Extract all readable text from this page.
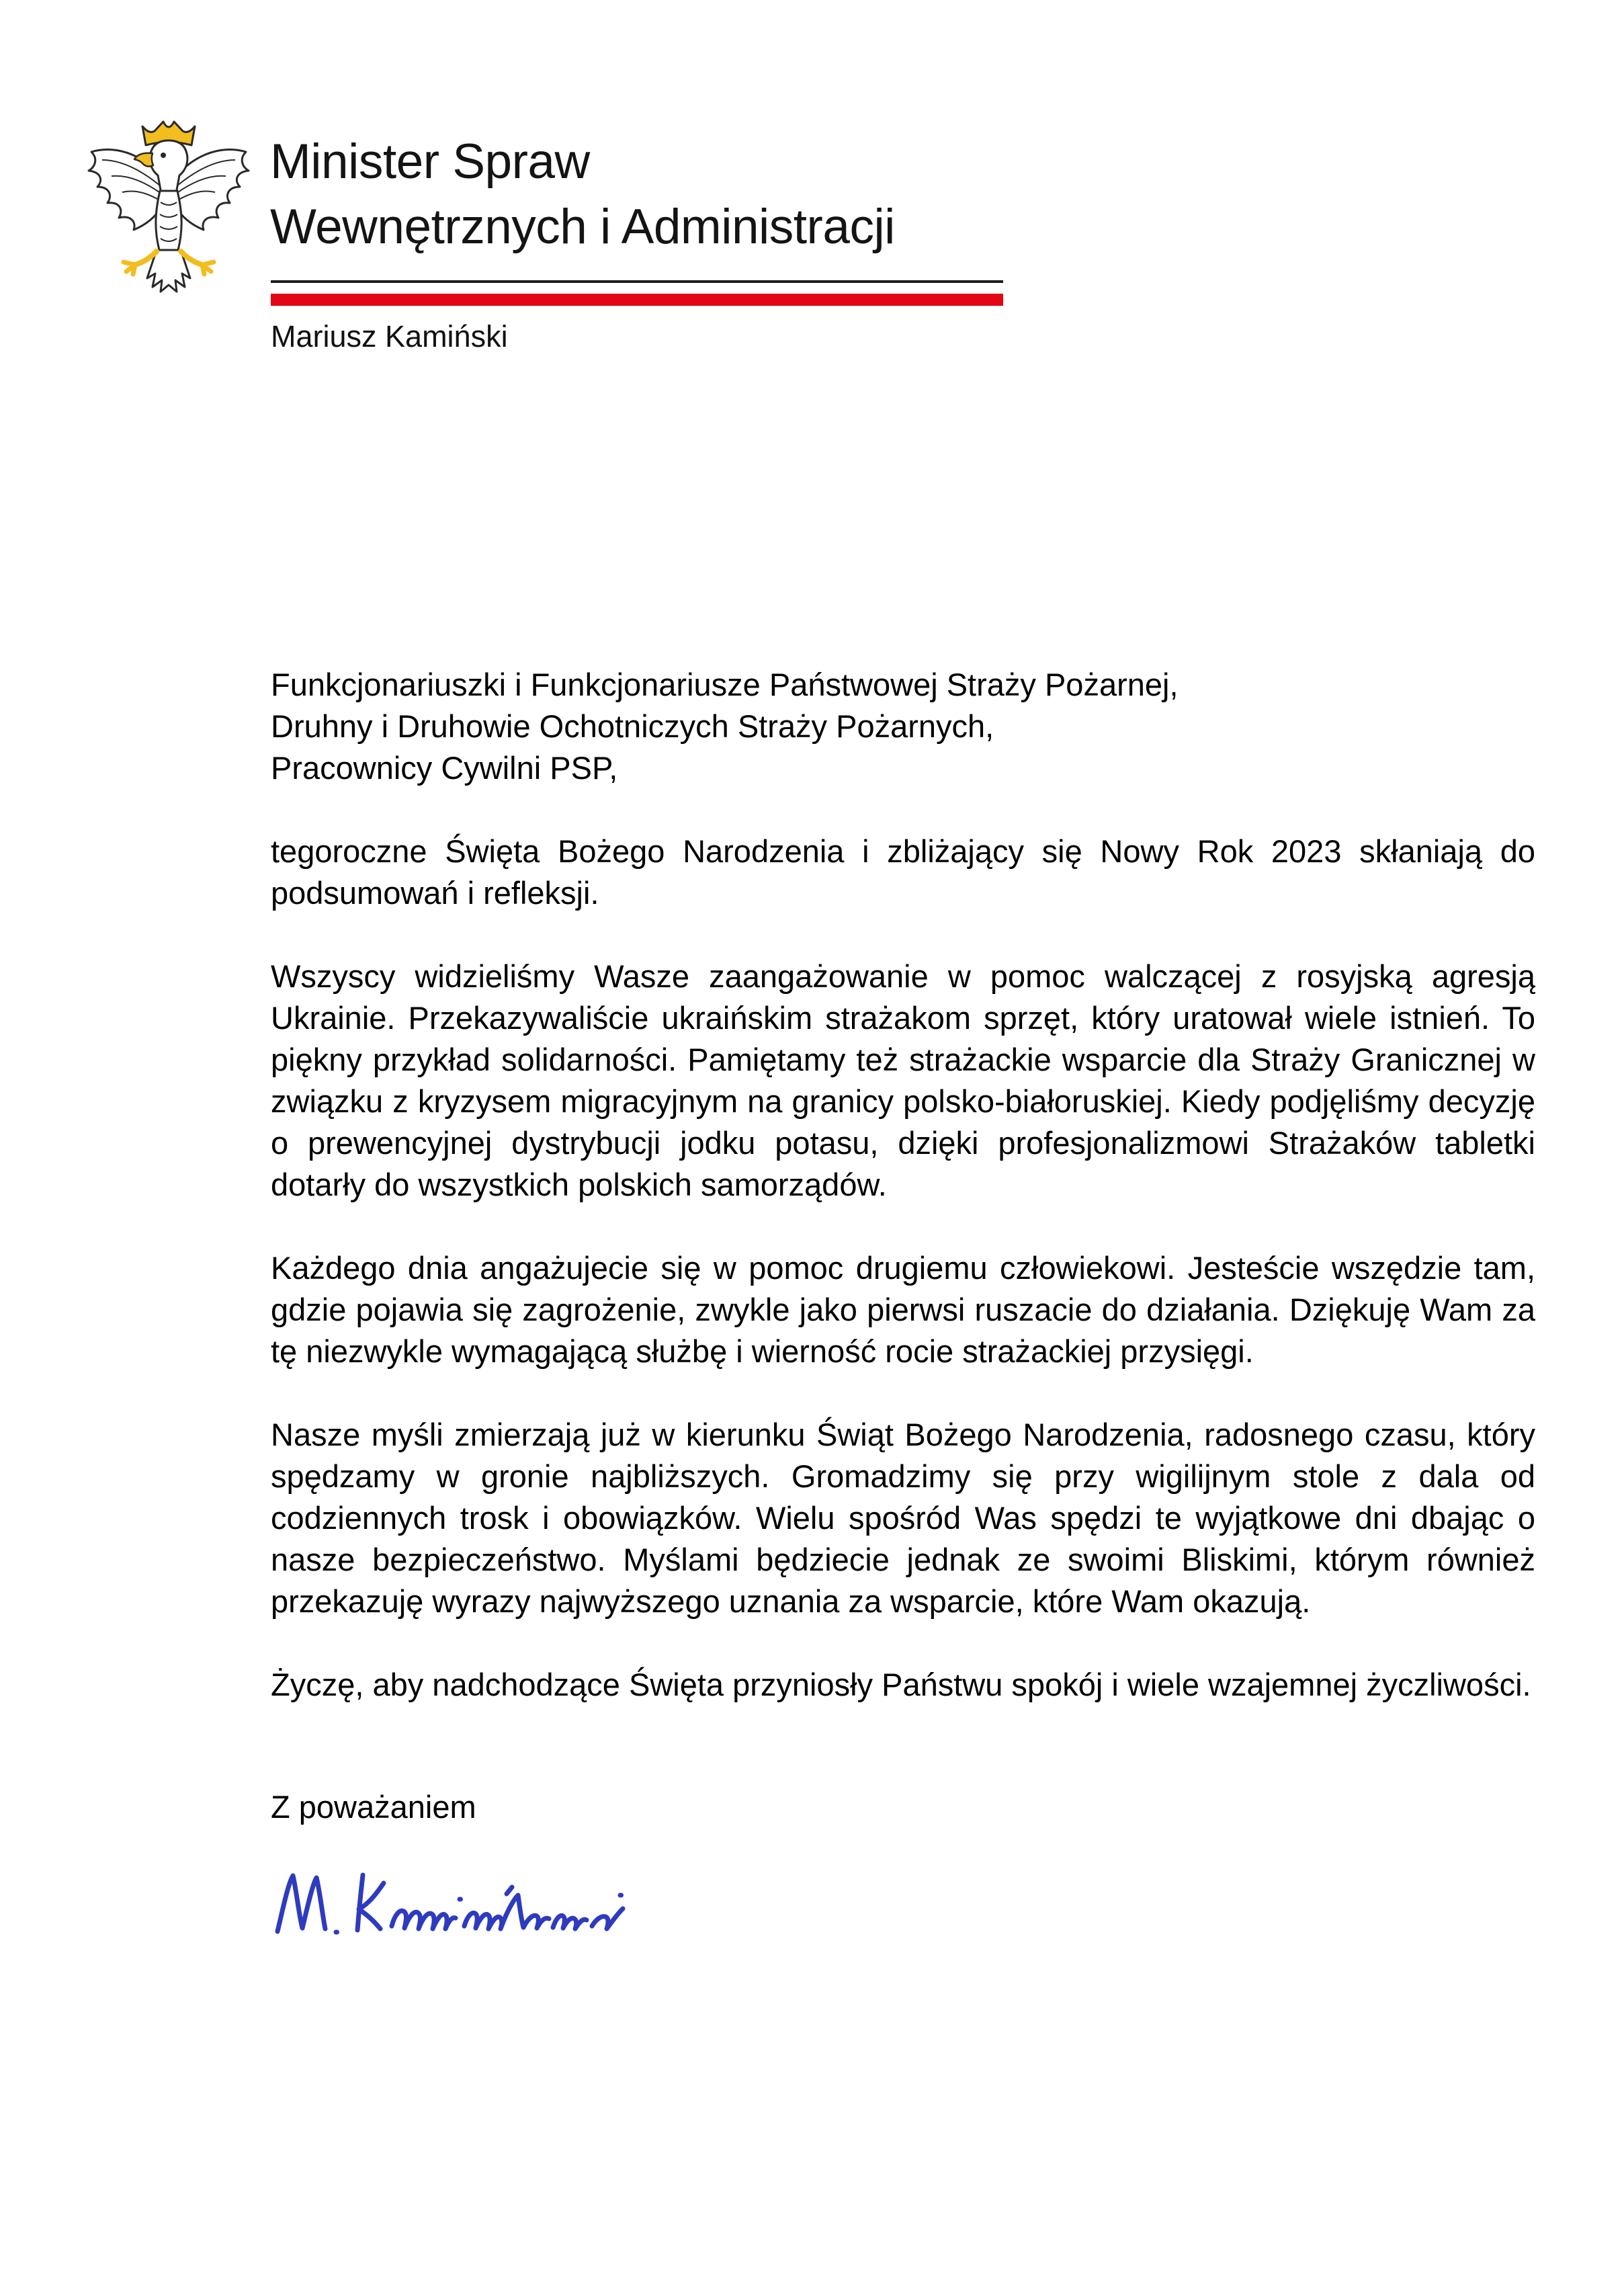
Minister Spraw
Wewnętrznych i Administracji
Mariusz Kamiński
Funkcjonariuszki i Funkcjonariusze Państwowej Straży Pożarnej,
Druhny i Druhowie Ochotniczych Straży Pożarnych,
Pracownicy Cywilni PSP,

tegoroczne Święta Bożego Narodzenia i zbliżający się Nowy Rok 2023 skłaniają do podsumowań i refleksji.

Wszyscy widzieliśmy Wasze zaangażowanie w pomoc walczącej z rosyjską agresją Ukrainie. Przekazywaliście ukraińskim strażakom sprzęt, który uratował wiele istnień. To piękny przykład solidarności. Pamiętamy też strażackie wsparcie dla Straży Granicznej w związku z kryzysem migracyjnym na granicy polsko-białoruskiej. Kiedy podjęliśmy decyzję o prewencyjnej dystrybucji jodku potasu, dzięki profesjonalizmowi Strażaków tabletki dotarły do wszystkich polskich samorządów.

Każdego dnia angażujecie się w pomoc drugiemu człowiekowi. Jesteście wszędzie tam, gdzie pojawia się zagrożenie, zwykle jako pierwsi ruszacie do działania. Dziękuję Wam za tę niezwykle wymagającą służbę i wierność rocie strażackiej przysięgi.

Nasze myśli zmierzają już w kierunku Świąt Bożego Narodzenia, radosnego czasu, który spędzamy w gronie najbliższych. Gromadzimy się przy wigilijnym stole z dala od codziennych trosk i obowiązków. Wielu spośród Was spędzi te wyjątkowe dni dbając o nasze bezpieczeństwo. Myślami będziecie jednak ze swoimi Bliskimi, którym również przekazuję wyrazy najwyższego uznania za wsparcie, które Wam okazują.

Życzę, aby nadchodzące Święta przyniosły Państwu spokój i wiele wzajemnej życzliwości.

Z poważaniem
